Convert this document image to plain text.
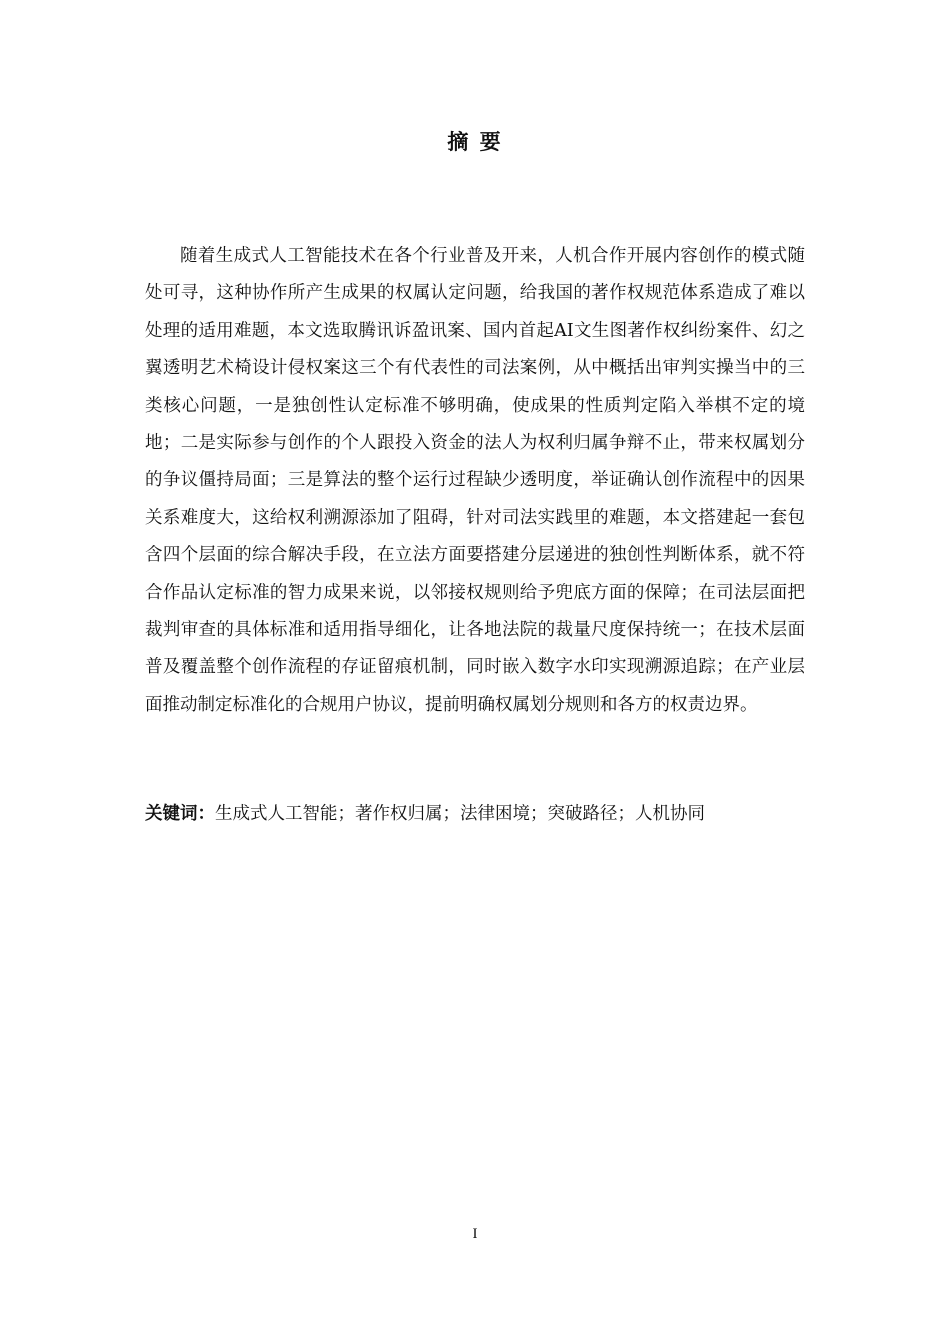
摘 要

随着生成式人工智能技术在各个行业普及开来，人机合作开展内容创作的模式随处可寻，这种协作所产生成果的权属认定问题，给我国的著作权规范体系造成了难以处理的适用难题，本文选取腾讯诉盈讯案、国内首起AI文生图著作权纠纷案件、幻之翼透明艺术椅设计侵权案这三个有代表性的司法案例，从中概括出审判实操当中的三类核心问题，一是独创性认定标准不够明确，使成果的性质判定陷入举棋不定的境地；二是实际参与创作的个人跟投入资金的法人为权利归属争辩不止，带来权属划分的争议僵持局面；三是算法的整个运行过程缺少透明度，举证确认创作流程中的因果关系难度大，这给权利溯源添加了阻碍，针对司法实践里的难题，本文搭建起一套包含四个层面的综合解决手段，在立法方面要搭建分层递进的独创性判断体系，就不符合作品认定标准的智力成果来说，以邻接权规则给予兜底方面的保障；在司法层面把裁判审查的具体标准和适用指导细化，让各地法院的裁量尺度保持统一；在技术层面普及覆盖整个创作流程的存证留痕机制，同时嵌入数字水印实现溯源追踪；在产业层面推动制定标准化的合规用户协议，提前明确权属划分规则和各方的权责边界。

关键词：生成式人工智能；著作权归属；法律困境；突破路径；人机协同

I
